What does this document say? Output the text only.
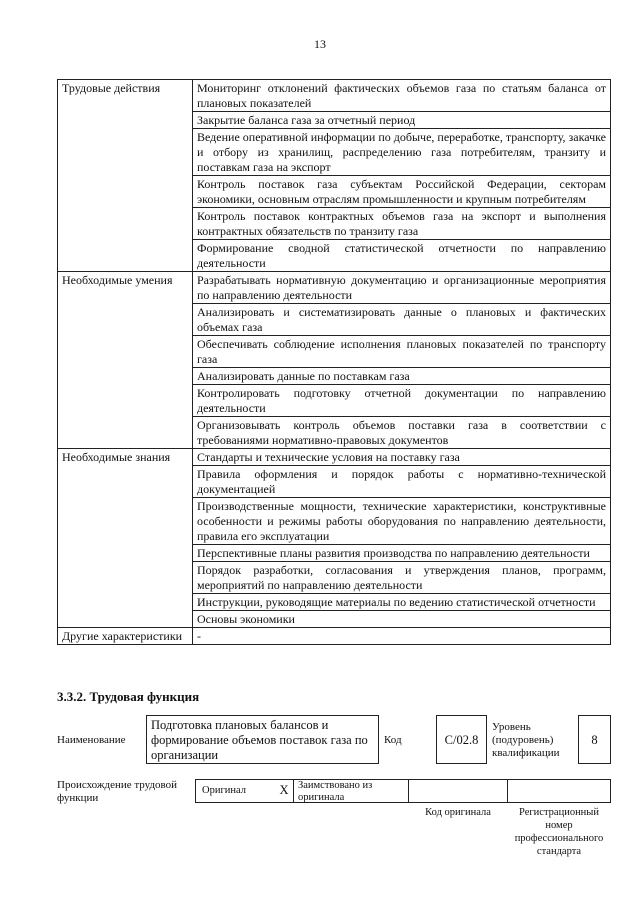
13
Трудовые действия	Мониторинг отклонений фактических объемов газа по статьям баланса от плановых показателей
	Закрытие баланса газа за отчетный период
	Ведение оперативной информации по добыче, переработке, транспорту, закачке и отбору из хранилищ, распределению газа потребителям, транзиту и поставкам газа на экспорт
	Контроль поставок газа субъектам Российской Федерации, секторам экономики, основным отраслям промышленности и крупным потребителям
	Контроль поставок контрактных объемов газа на экспорт и выполнения контрактных обязательств по транзиту газа
	Формирование сводной статистической отчетности по направлению деятельности
Необходимые умения	Разрабатывать нормативную документацию и организационные мероприятия по направлению деятельности
	Анализировать и систематизировать данные о плановых и фактических объемах газа
	Обеспечивать соблюдение исполнения плановых показателей по транспорту газа
	Анализировать данные по поставкам газа
	Контролировать подготовку отчетной документации по направлению деятельности
	Организовывать контроль объемов поставки газа в соответствии с требованиями нормативно-правовых документов
Необходимые знания	Стандарты и технические условия на поставку газа
	Правила оформления и порядок работы с нормативно-технической документацией
	Производственные мощности, технические характеристики, конструктивные особенности и режимы работы оборудования по направлению деятельности, правила его эксплуатации
	Перспективные планы развития производства по направлению деятельности
	Порядок разработки, согласования и утверждения планов, программ, мероприятий по направлению деятельности
	Инструкции, руководящие материалы по ведению статистической отчетности
	Основы экономики
Другие характеристики	-
3.3.2. Трудовая функция
Наименование
Подготовка плановых балансов и формирование объемов поставок газа по организации
Код	C/02.8
Уровень (подуровень) квалификации
8
Происхождение трудовой функции
Оригинал	X Заимствовано из оригинала
Код оригинала	Регистрационный номер профессионального стандарта
